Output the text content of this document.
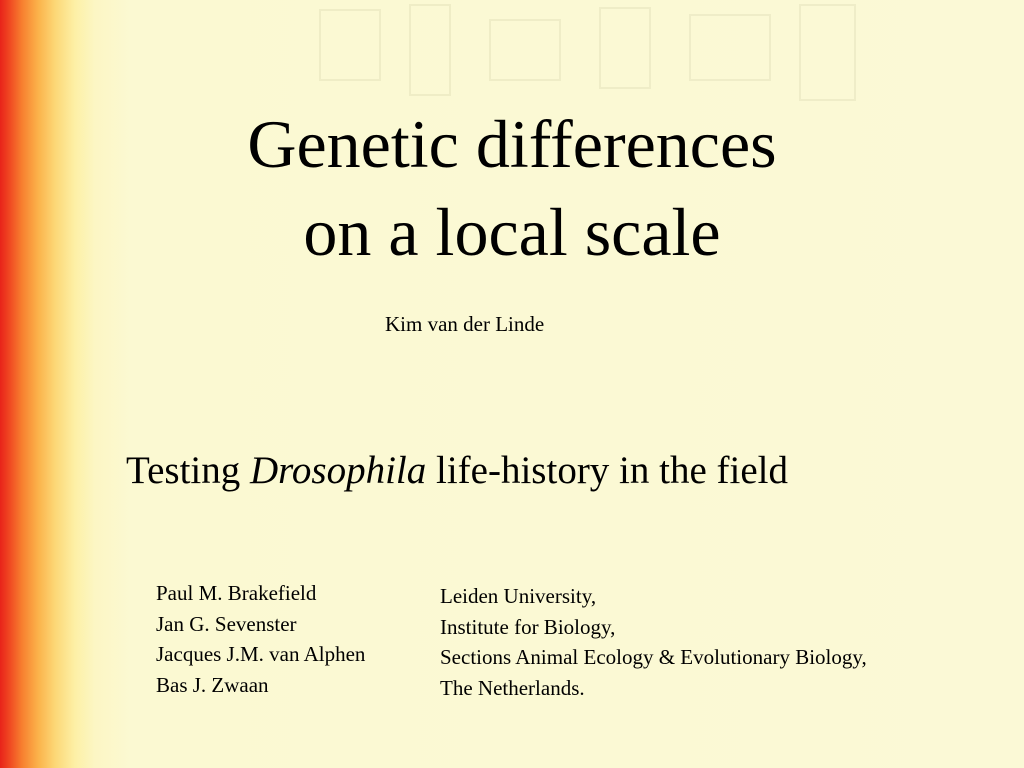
Genetic differences
on a local scale
Kim van der Linde
Testing Drosophila life-history in the field
Paul M. Brakefield
Jan G. Sevenster
Jacques J.M. van Alphen
Bas J. Zwaan
Leiden University,
Institute for Biology,
Sections Animal Ecology & Evolutionary Biology,
The Netherlands.
